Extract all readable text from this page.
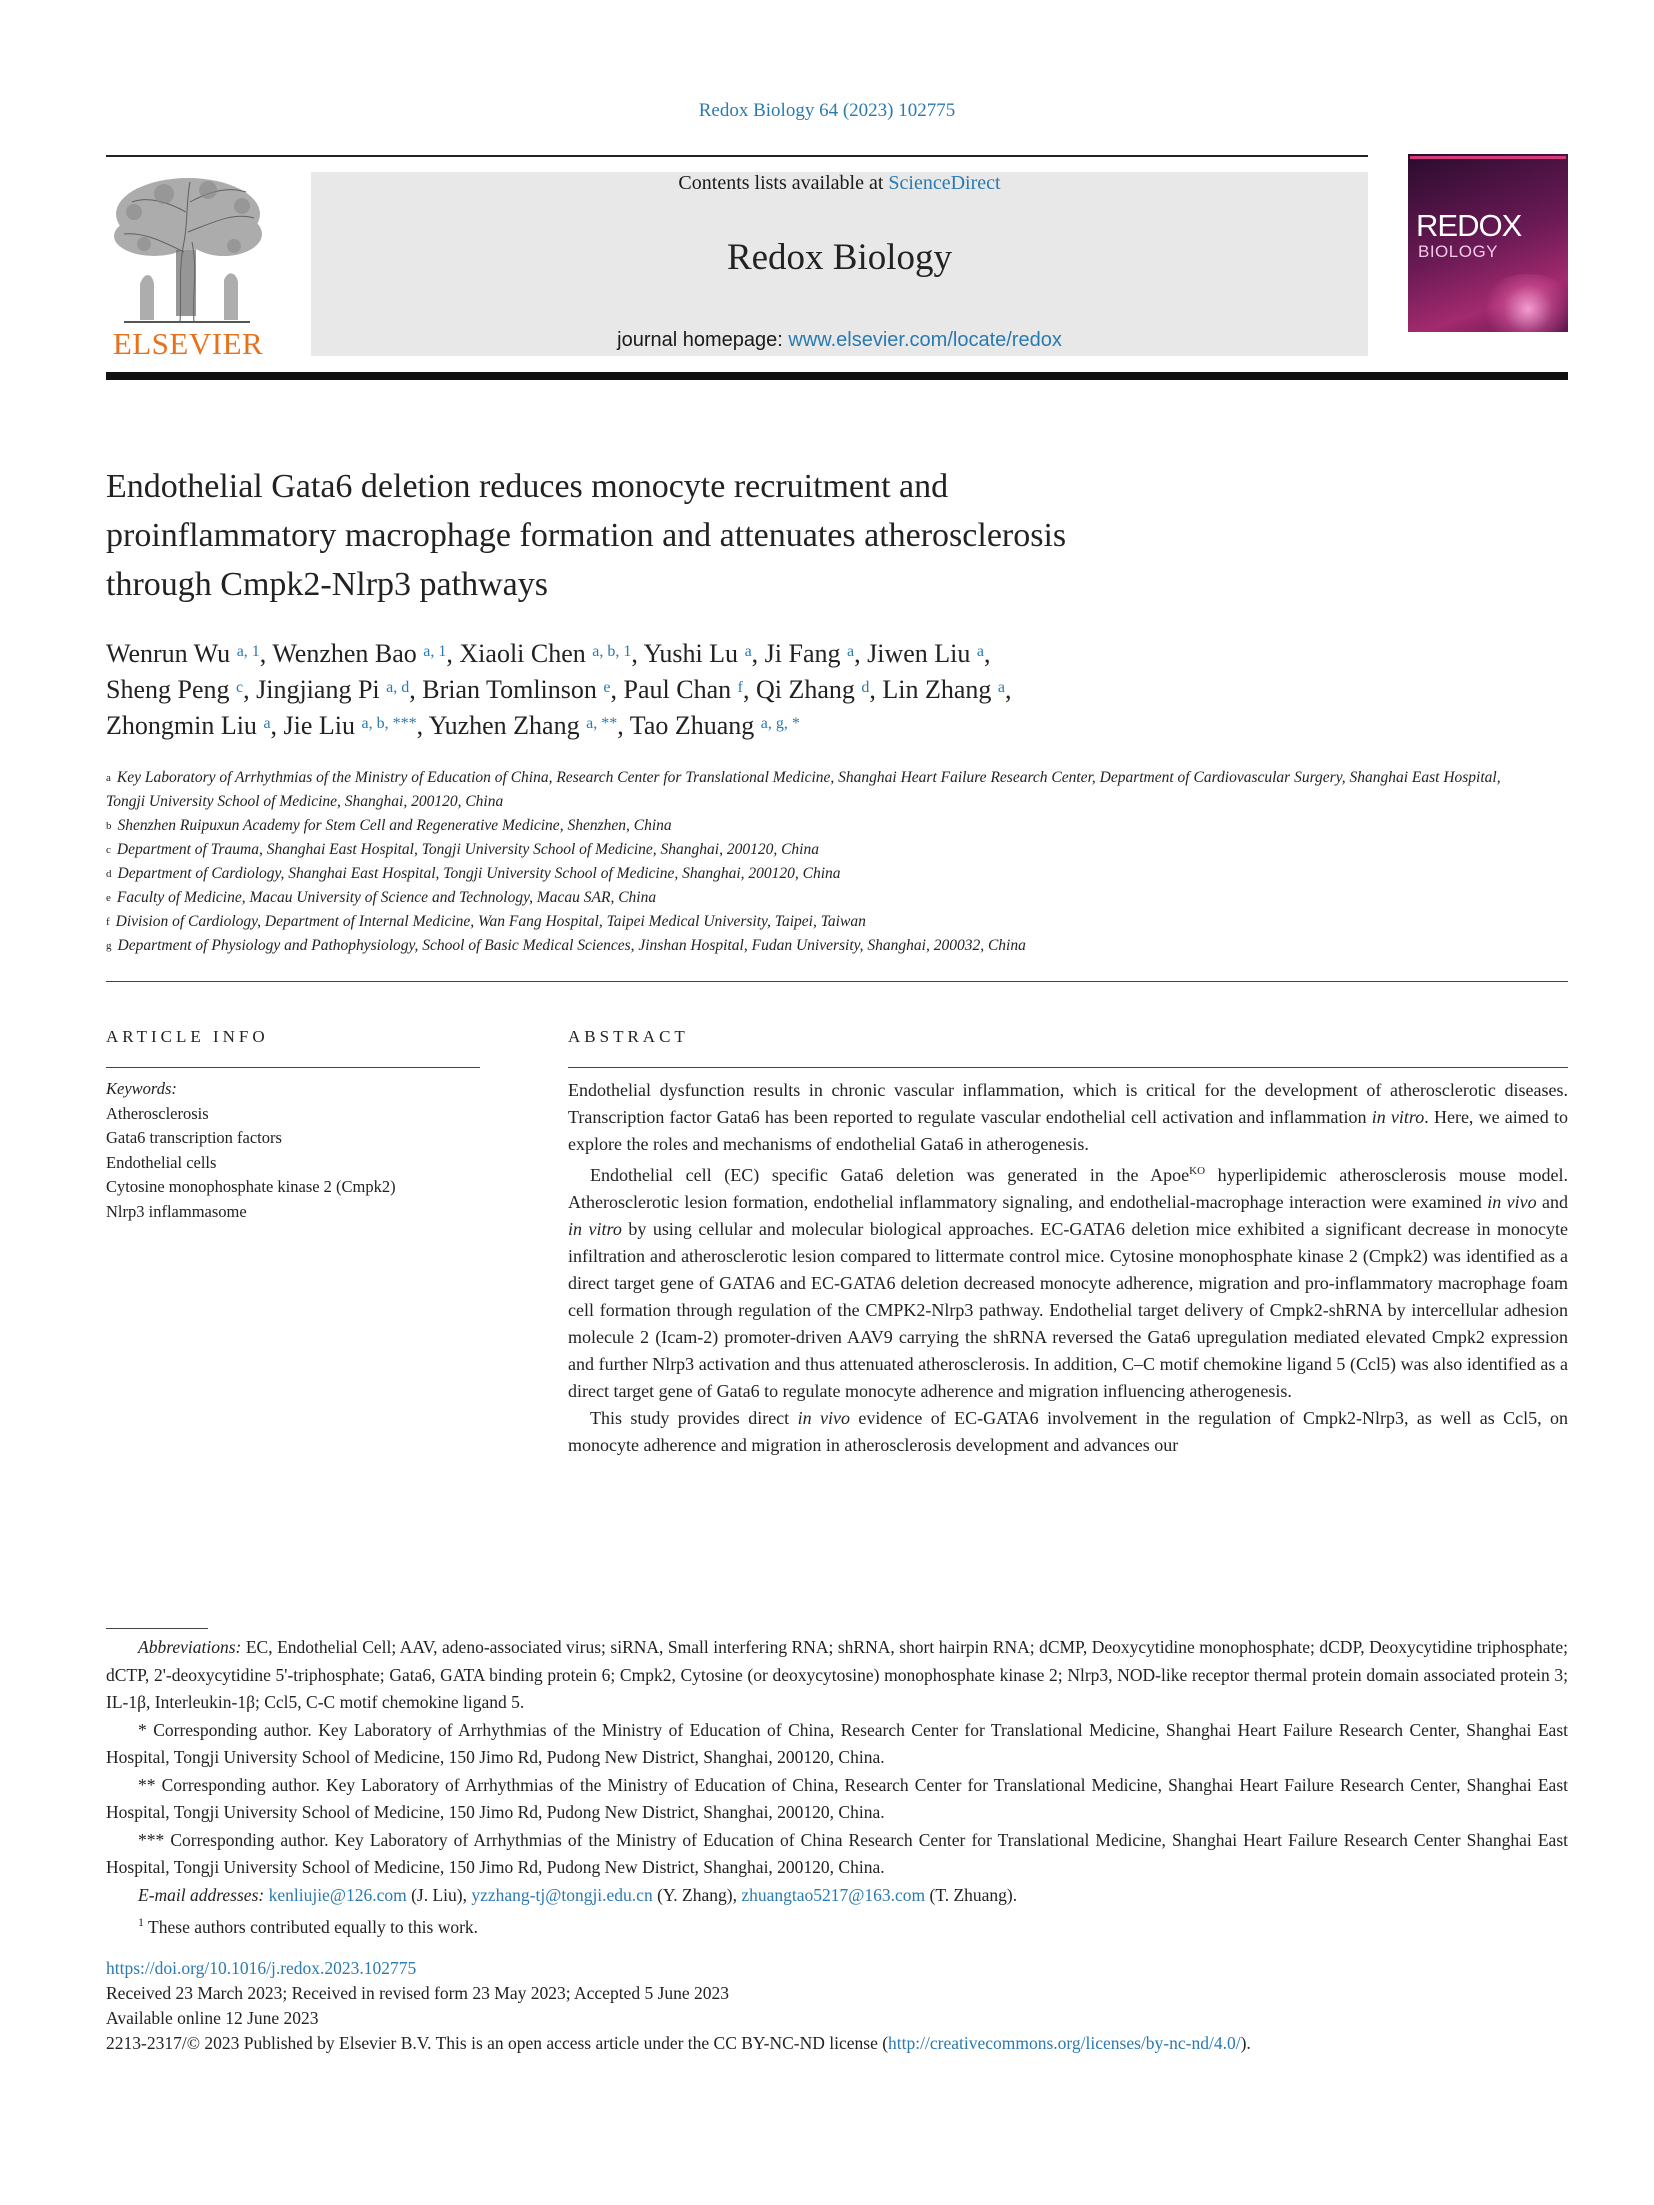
Redox Biology 64 (2023) 102775
ELSEVIER
Contents lists available at ScienceDirect
Redox Biology
journal homepage: www.elsevier.com/locate/redox
REDOX
BIOLOGY
Endothelial Gata6 deletion reduces monocyte recruitment and
proinflammatory macrophage formation and attenuates atherosclerosis
through Cmpk2-Nlrp3 pathways
Wenrun Wu $^{a, 1}$, Wenzhen Bao $^{a, 1}$, Xiaoli Chen $^{a, b, 1}$, Yushi Lu $^a$, Ji Fang $^a$, Jiwen Liu $^a$,
Sheng Peng $^c$, Jingjiang Pi $^{a, d}$, Brian Tomlinson $^e$, Paul Chan $^f$, Qi Zhang $^d$, Lin Zhang $^a$,
Zhongmin Liu $^a$, Jie Liu $^{a, b, ***}$, Yuzhen Zhang $^{a, **}$, Tao Zhuang $^{a, g, *}$
$^a$ Key Laboratory of Arrhythmias of the Ministry of Education of China, Research Center for Translational Medicine, Shanghai Heart Failure Research Center, Department of Cardiovascular Surgery, Shanghai East Hospital, Tongji University School of Medicine, Shanghai, 200120, China
$^b$ Shenzhen Ruipuxun Academy for Stem Cell and Regenerative Medicine, Shenzhen, China
$^c$ Department of Trauma, Shanghai East Hospital, Tongji University School of Medicine, Shanghai, 200120, China
$^d$ Department of Cardiology, Shanghai East Hospital, Tongji University School of Medicine, Shanghai, 200120, China
$^e$ Faculty of Medicine, Macau University of Science and Technology, Macau SAR, China
$^f$ Division of Cardiology, Department of Internal Medicine, Wan Fang Hospital, Taipei Medical University, Taipei, Taiwan
$^g$ Department of Physiology and Pathophysiology, School of Basic Medical Sciences, Jinshan Hospital, Fudan University, Shanghai, 200032, China
ARTICLE INFO
Keywords:
Atherosclerosis
Gata6 transcription factors
Endothelial cells
Cytosine monophosphate kinase 2 (Cmpk2)
Nlrp3 inflammasome
ABSTRACT

Endothelial dysfunction results in chronic vascular inflammation, which is critical for the development of atherosclerotic diseases. Transcription factor Gata6 has been reported to regulate vascular endothelial cell activation and inflammation in vitro. Here, we aimed to explore the roles and mechanisms of endothelial Gata6 in atherogenesis.

Endothelial cell (EC) specific Gata6 deletion was generated in the Apoe$^{KO}$ hyperlipidemic atherosclerosis mouse model. Atherosclerotic lesion formation, endothelial inflammatory signaling, and endothelial-macrophage interaction were examined in vivo and in vitro by using cellular and molecular biological approaches. EC-GATA6 deletion mice exhibited a significant decrease in monocyte infiltration and atherosclerotic lesion compared to littermate control mice. Cytosine monophosphate kinase 2 (Cmpk2) was identified as a direct target gene of GATA6 and EC-GATA6 deletion decreased monocyte adherence, migration and pro-inflammatory macrophage foam cell formation through regulation of the CMPK2-Nlrp3 pathway. Endothelial target delivery of Cmpk2-shRNA by intercellular adhesion molecule 2 (Icam-2) promoter-driven AAV9 carrying the shRNA reversed the Gata6 upregulation mediated elevated Cmpk2 expression and further Nlrp3 activation and thus attenuated atherosclerosis. In addition, C–C motif chemokine ligand 5 (Ccl5) was also identified as a direct target gene of Gata6 to regulate monocyte adherence and migration influencing atherogenesis.

This study provides direct in vivo evidence of EC-GATA6 involvement in the regulation of Cmpk2-Nlrp3, as well as Ccl5, on monocyte adherence and migration in atherosclerosis development and advances our

Abbreviations: EC, Endothelial Cell; AAV, adeno-associated virus; siRNA, Small interfering RNA; shRNA, short hairpin RNA; dCMP, Deoxycytidine monophosphate; dCDP, Deoxycytidine triphosphate; dCTP, 2'-deoxycytidine 5'-triphosphate; Gata6, GATA binding protein 6; Cmpk2, Cytosine (or deoxycytosine) monophosphate kinase 2; Nlrp3, NOD-like receptor thermal protein domain associated protein 3; IL-1β, Interleukin-1β; Ccl5, C-C motif chemokine ligand 5.

* Corresponding author. Key Laboratory of Arrhythmias of the Ministry of Education of China, Research Center for Translational Medicine, Shanghai Heart Failure Research Center, Shanghai East Hospital, Tongji University School of Medicine, 150 Jimo Rd, Pudong New District, Shanghai, 200120, China.

** Corresponding author. Key Laboratory of Arrhythmias of the Ministry of Education of China, Research Center for Translational Medicine, Shanghai Heart Failure Research Center, Shanghai East Hospital, Tongji University School of Medicine, 150 Jimo Rd, Pudong New District, Shanghai, 200120, China.

*** Corresponding author. Key Laboratory of Arrhythmias of the Ministry of Education of China Research Center for Translational Medicine, Shanghai Heart Failure Research Center Shanghai East Hospital, Tongji University School of Medicine, 150 Jimo Rd, Pudong New District, Shanghai, 200120, China.

E-mail addresses: kenliujie@126.com (J. Liu), yzzhang-tj@tongji.edu.cn (Y. Zhang), zhuangtao5217@163.com (T. Zhuang).

$^1$ These authors contributed equally to this work.

https://doi.org/10.1016/j.redox.2023.102775
Received 23 March 2023; Received in revised form 23 May 2023; Accepted 5 June 2023
Available online 12 June 2023
2213-2317/© 2023 Published by Elsevier B.V. This is an open access article under the CC BY-NC-ND license (http://creativecommons.org/licenses/by-nc-nd/4.0/).
